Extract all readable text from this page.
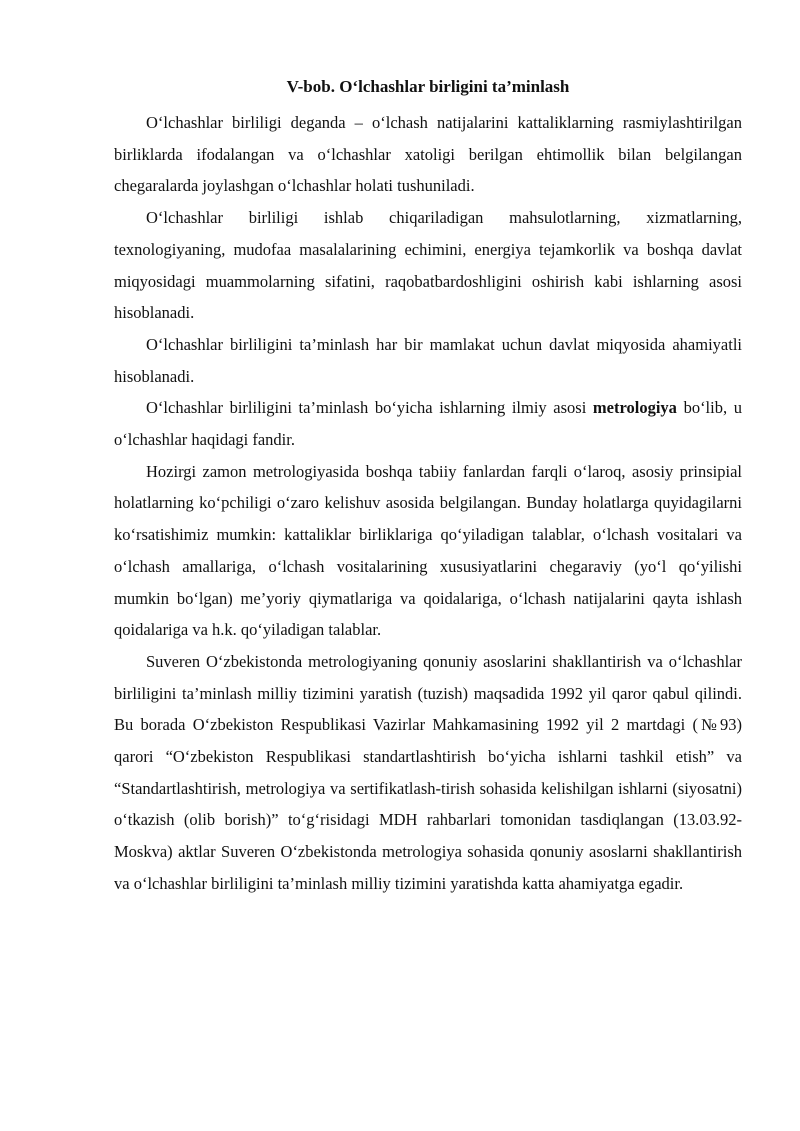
V-bob. O‘lchashlar birligini ta’minlash

O‘lchashlar birliligi deganda – o‘lchash natijalarini kattaliklarning rasmiylashtirilgan birliklarda ifodalangan va o‘lchashlar xatoligi berilgan ehtimollik bilan belgilangan chegaralarda joylashgan o‘lchashlar holati tushuniladi.

O‘lchashlar birliligi ishlab chiqariladigan mahsulotlarning, xizmatlarning, texnologiyaning, mudofaa masalalarining echimini, energiya tejamkorlik va boshqa davlat miqyosidagi muammolarning sifatini, raqobatbardoshligini oshirish kabi ishlarning asosi hisoblanadi.

O‘lchashlar birliligini ta’minlash har bir mamlakat uchun davlat miqyosida ahamiyatli hisoblanadi.

O‘lchashlar birliligini ta’minlash bo‘yicha ishlarning ilmiy asosi metrologiya bo‘lib, u o‘lchashlar haqidagi fandir.

Hozirgi zamon metrologiyasida boshqa tabiiy fanlardan farqli o‘laroq, asosiy prinsipial holatlarning ko‘pchiligi o‘zaro kelishuv asosida belgilangan. Bunday holatlarga quyidagilarni ko‘rsatishimiz mumkin: kattaliklar birliklariga qo‘yiladigan talablar, o‘lchash vositalari va o‘lchash amallariga, o‘lchash vositalarining xususiyatlarini chegaraviy (yo‘l qo‘yilishi mumkin bo‘lgan) me’yoriy qiymatlariga va qoidalariga, o‘lchash natijalarini qayta ishlash qoidalariga va h.k. qo‘yiladigan talablar.

Suveren O‘zbekistonda metrologiyaning qonuniy asoslarini shakllantirish va o‘lchashlar birliligini ta’minlash milliy tizimini yaratish (tuzish) maqsadida 1992 yil qaror qabul qilindi. Bu borada O‘zbekiston Respublikasi Vazirlar Mahkamasining 1992 yil 2 martdagi (№93) qarori “O‘zbekiston Respublikasi standartlashtirish bo‘yicha ishlarni tashkil etish” va “Standartlashtirish, metrologiya va sertifikatlash-tirish sohasida kelishilgan ishlarni (siyosatni) o‘tkazish (olib borish)” to‘g‘risidagi MDH rahbarlari tomonidan tasdiqlangan (13.03.92-Moskva) aktlar Suveren O‘zbekistonda metrologiya sohasida qonuniy asoslarni shakllantirish va o‘lchashlar birliligini ta’minlash milliy tizimini yaratishda katta ahamiyatga egadir.
